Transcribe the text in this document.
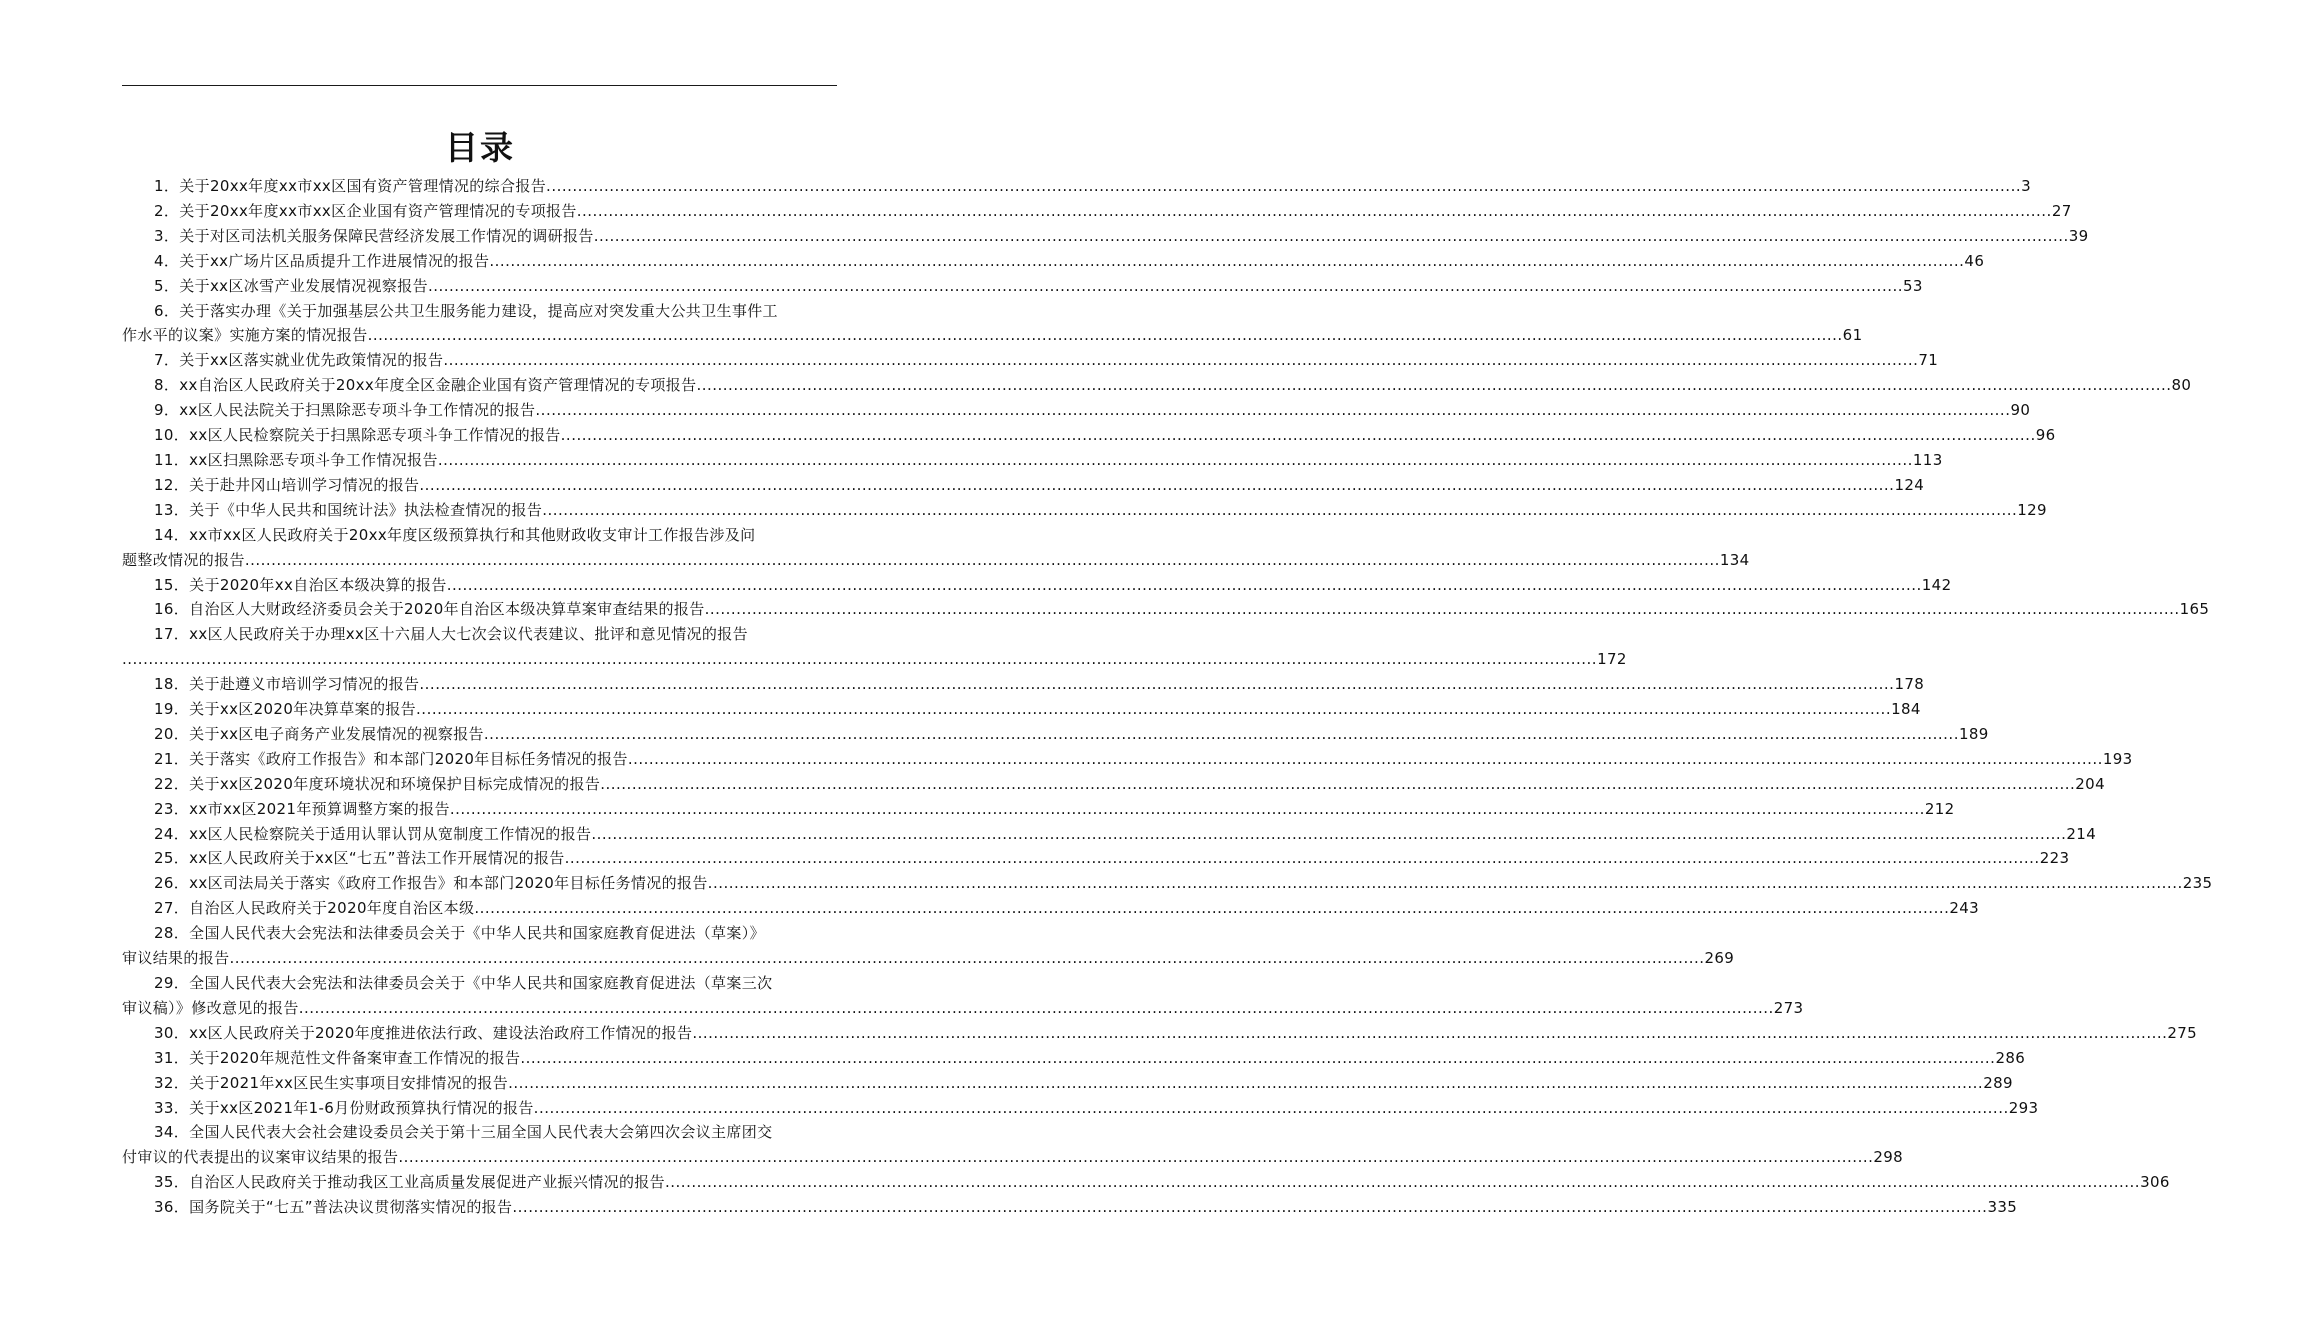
目录
1．关于20xx年度xx市xx区国有资产管理情况的综合报告 .....	3
2．关于20xx年度xx市xx区企业国有资产管理情况的专项报告 .....	27
3．关于对区司法机关服务保障民营经济发展工作情况的调研报告 .....	39
4．关于xx广场片区品质提升工作进展情况的报告 .....	46
5．关于xx区冰雪产业发展情况视察报告 .....	53
6．关于落实办理《关于加强基层公共卫生服务能力建设，提高应对突发重大公共卫生事件工
作水平的议案》实施方案的情况报告 .....	61
7．关于xx区落实就业优先政策情况的报告 .....	71
8．xx自治区人民政府关于20xx年度全区金融企业国有资产管理情况的专项报告 .....	80
9．xx区人民法院关于扫黑除恶专项斗争工作情况的报告 .....	90
10．xx区人民检察院关于扫黑除恶专项斗争工作情况的报告 .....	96
11．xx区扫黑除恶专项斗争工作情况报告 .....	113
12．关于赴井冈山培训学习情况的报告 .....	124
13．关于《中华人民共和国统计法》执法检查情况的报告 .....	129
14．xx市xx区人民政府关于20xx年度区级预算执行和其他财政收支审计工作报告涉及问
题整改情况的报告 .....	134
15．关于2020年xx自治区本级决算的报告 .....	142
16．自治区人大财政经济委员会关于2020年自治区本级决算草案审查结果的报告 .....	165
17．xx区人民政府关于办理xx区十六届人大七次会议代表建议、批评和意见情况的报告
..... 172
18．关于赴遵义市培训学习情况的报告 .....	178
19．关于xx区2020年决算草案的报告 .....	184
20．关于xx区电子商务产业发展情况的视察报告 .....	189
21．关于落实《政府工作报告》和本部门2020年目标任务情况的报告 .....	193
22．关于xx区2020年度环境状况和环境保护目标完成情况的报告 .....	204
23．xx市xx区2021年预算调整方案的报告 .....	212
24．xx区人民检察院关于适用认罪认罚从宽制度工作情况的报告 .....	214
25．xx区人民政府关于xx区“七五”普法工作开展情况的报告 .....	223
26．xx区司法局关于落实《政府工作报告》和本部门2020年目标任务情况的报告 .....	235
27．自治区人民政府关于2020年度自治区本级 .....	243
28．全国人民代表大会宪法和法律委员会关于《中华人民共和国家庭教育促进法（草案）》
审议结果的报告 .....	269
29．全国人民代表大会宪法和法律委员会关于《中华人民共和国家庭教育促进法（草案三次
审议稿）》修改意见的报告 .....	273
30．xx区人民政府关于2020年度推进依法行政、建设法治政府工作情况的报告 .....	275
31．关于2020年规范性文件备案审查工作情况的报告 .....	286
32．关于2021年xx区民生实事项目安排情况的报告 .....	289
33．关于xx区2021年1-6月份财政预算执行情况的报告 .....	293
34．全国人民代表大会社会建设委员会关于第十三届全国人民代表大会第四次会议主席团交
付审议的代表提出的议案审议结果的报告 .....	298
35．自治区人民政府关于推动我区工业高质量发展促进产业振兴情况的报告 .....	306
36．国务院关于“七五”普法决议贯彻落实情况的报告 .....	335
